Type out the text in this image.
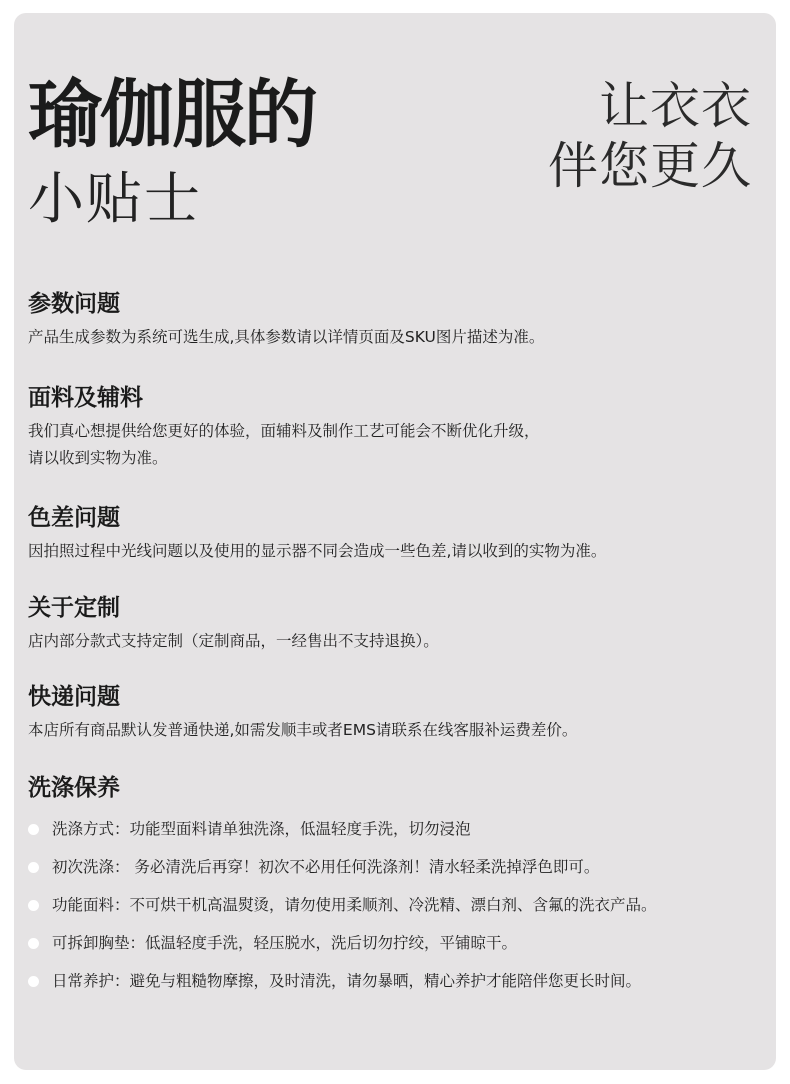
瑜伽服的
小贴士
让衣衣
伴您更久
参数问题

产品生成参数为系统可选生成,具体参数请以详情页面及SKU图片描述为准。

面料及辅料

我们真心想提供给您更好的体验，面辅料及制作工艺可能会不断优化升级，
请以收到实物为准。

色差问题

因拍照过程中光线问题以及使用的显示器不同会造成一些色差,请以收到的实物为准。

关于定制

店内部分款式支持定制（定制商品，一经售出不支持退换）。

快递问题

本店所有商品默认发普通快递,如需发顺丰或者EMS请联系在线客服补运费差价。

洗涤保养
洗涤方式：功能型面料请单独洗涤，低温轻度手洗，切勿浸泡
初次洗涤： 务必清洗后再穿！初次不必用任何洗涤剂！清水轻柔洗掉浮色即可。
功能面料：不可烘干机高温熨烫，请勿使用柔顺剂、冷洗精、漂白剂、含氟的洗衣产品。
可拆卸胸垫：低温轻度手洗，轻压脱水，洗后切勿拧绞，平铺晾干。
日常养护：避免与粗糙物摩擦，及时清洗，请勿暴晒，精心养护才能陪伴您更长时间。
